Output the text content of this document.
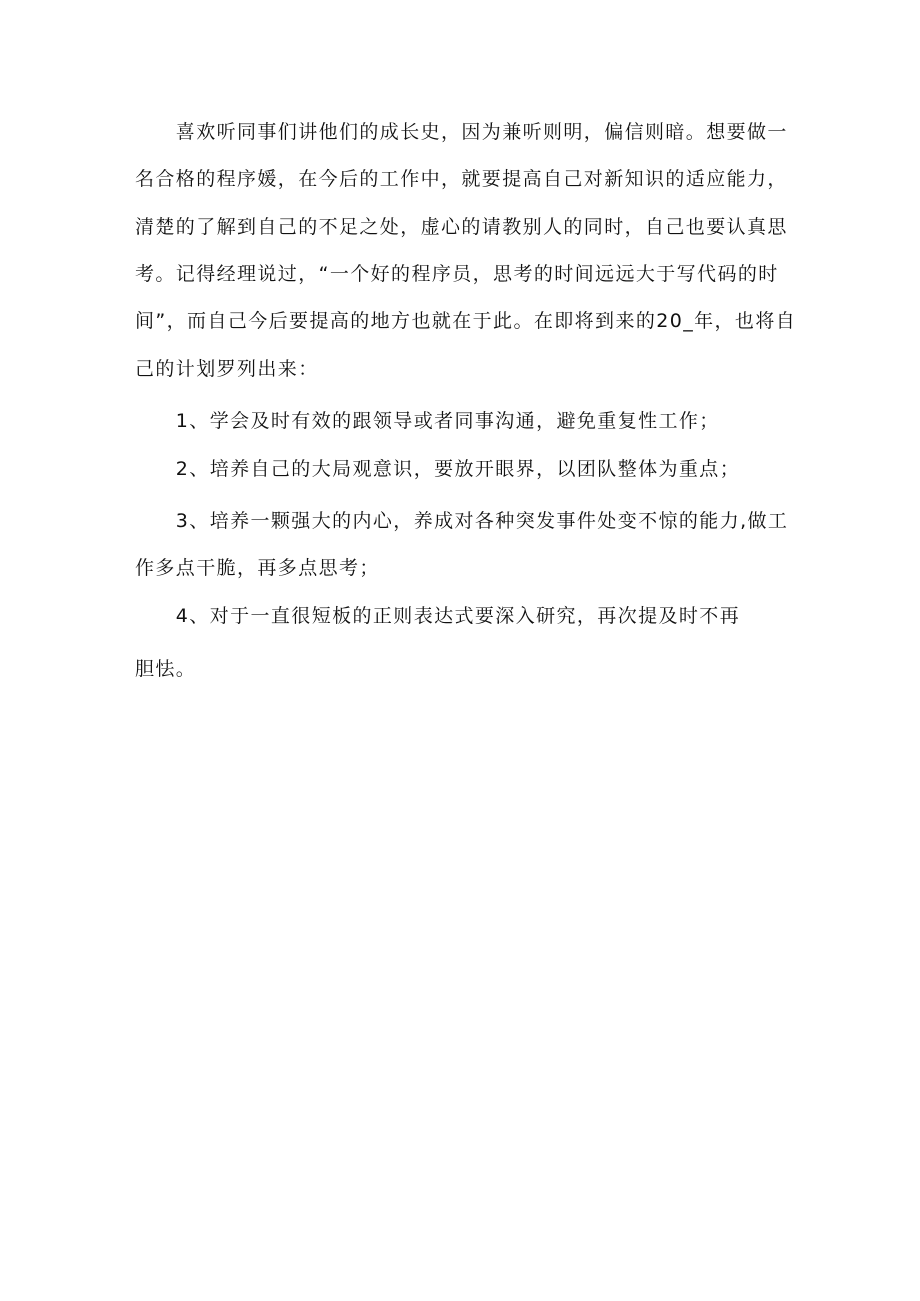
　　喜欢听同事们讲他们的成长史，因为兼听则明，偏信则暗。想要做一
名合格的程序媛，在今后的工作中，就要提高自己对新知识的适应能力，
清楚的了解到自己的不足之处，虚心的请教别人的同时，自己也要认真思
考。记得经理说过，“一个好的程序员，思考的时间远远大于写代码的时
间”，而自己今后要提高的地方也就在于此。在即将到来的20_年，也将自
己的计划罗列出来：
　　1、学会及时有效的跟领导或者同事沟通，避免重复性工作；
　　2、培养自己的大局观意识，要放开眼界，以团队整体为重点；
　　3、培养一颗强大的内心，养成对各种突发事件处变不惊的能力,做工
作多点干脆，再多点思考；
　　4、对于一直很短板的正则表达式要深入研究，再次提及时不再
胆怯。
